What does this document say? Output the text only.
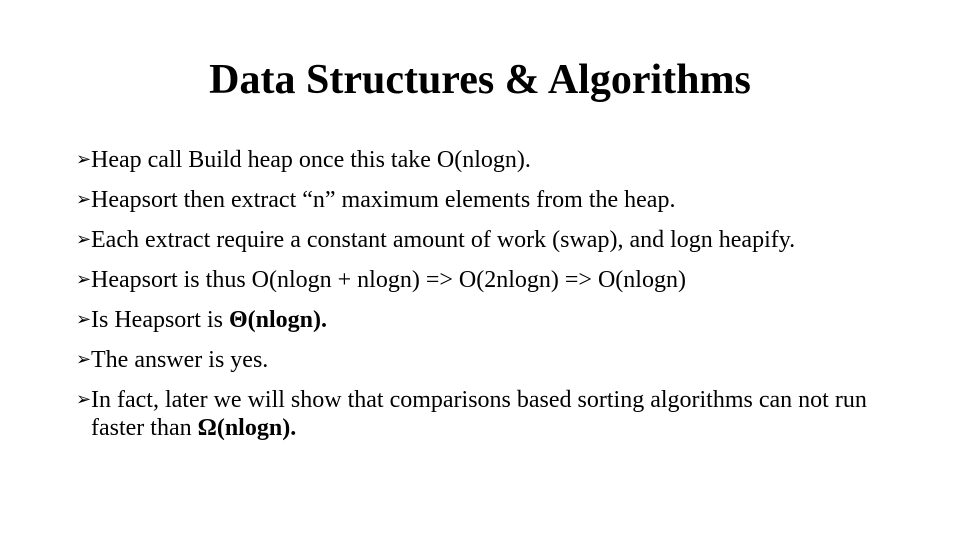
Data Structures & Algorithms
➢ Heap call Build heap once this take O(nlogn).
➢ Heapsort then extract “n” maximum elements from the heap.
➢ Each extract require a constant amount of work (swap), and logn heapify.
➢ Heapsort is thus O(nlogn + nlogn) => O(2nlogn) => O(nlogn)
➢ Is Heapsort is Θ(nlogn).
➢ The answer is yes.
➢ In fact, later we will show that comparisons based sorting algorithms can not run faster than Ω(nlogn).
